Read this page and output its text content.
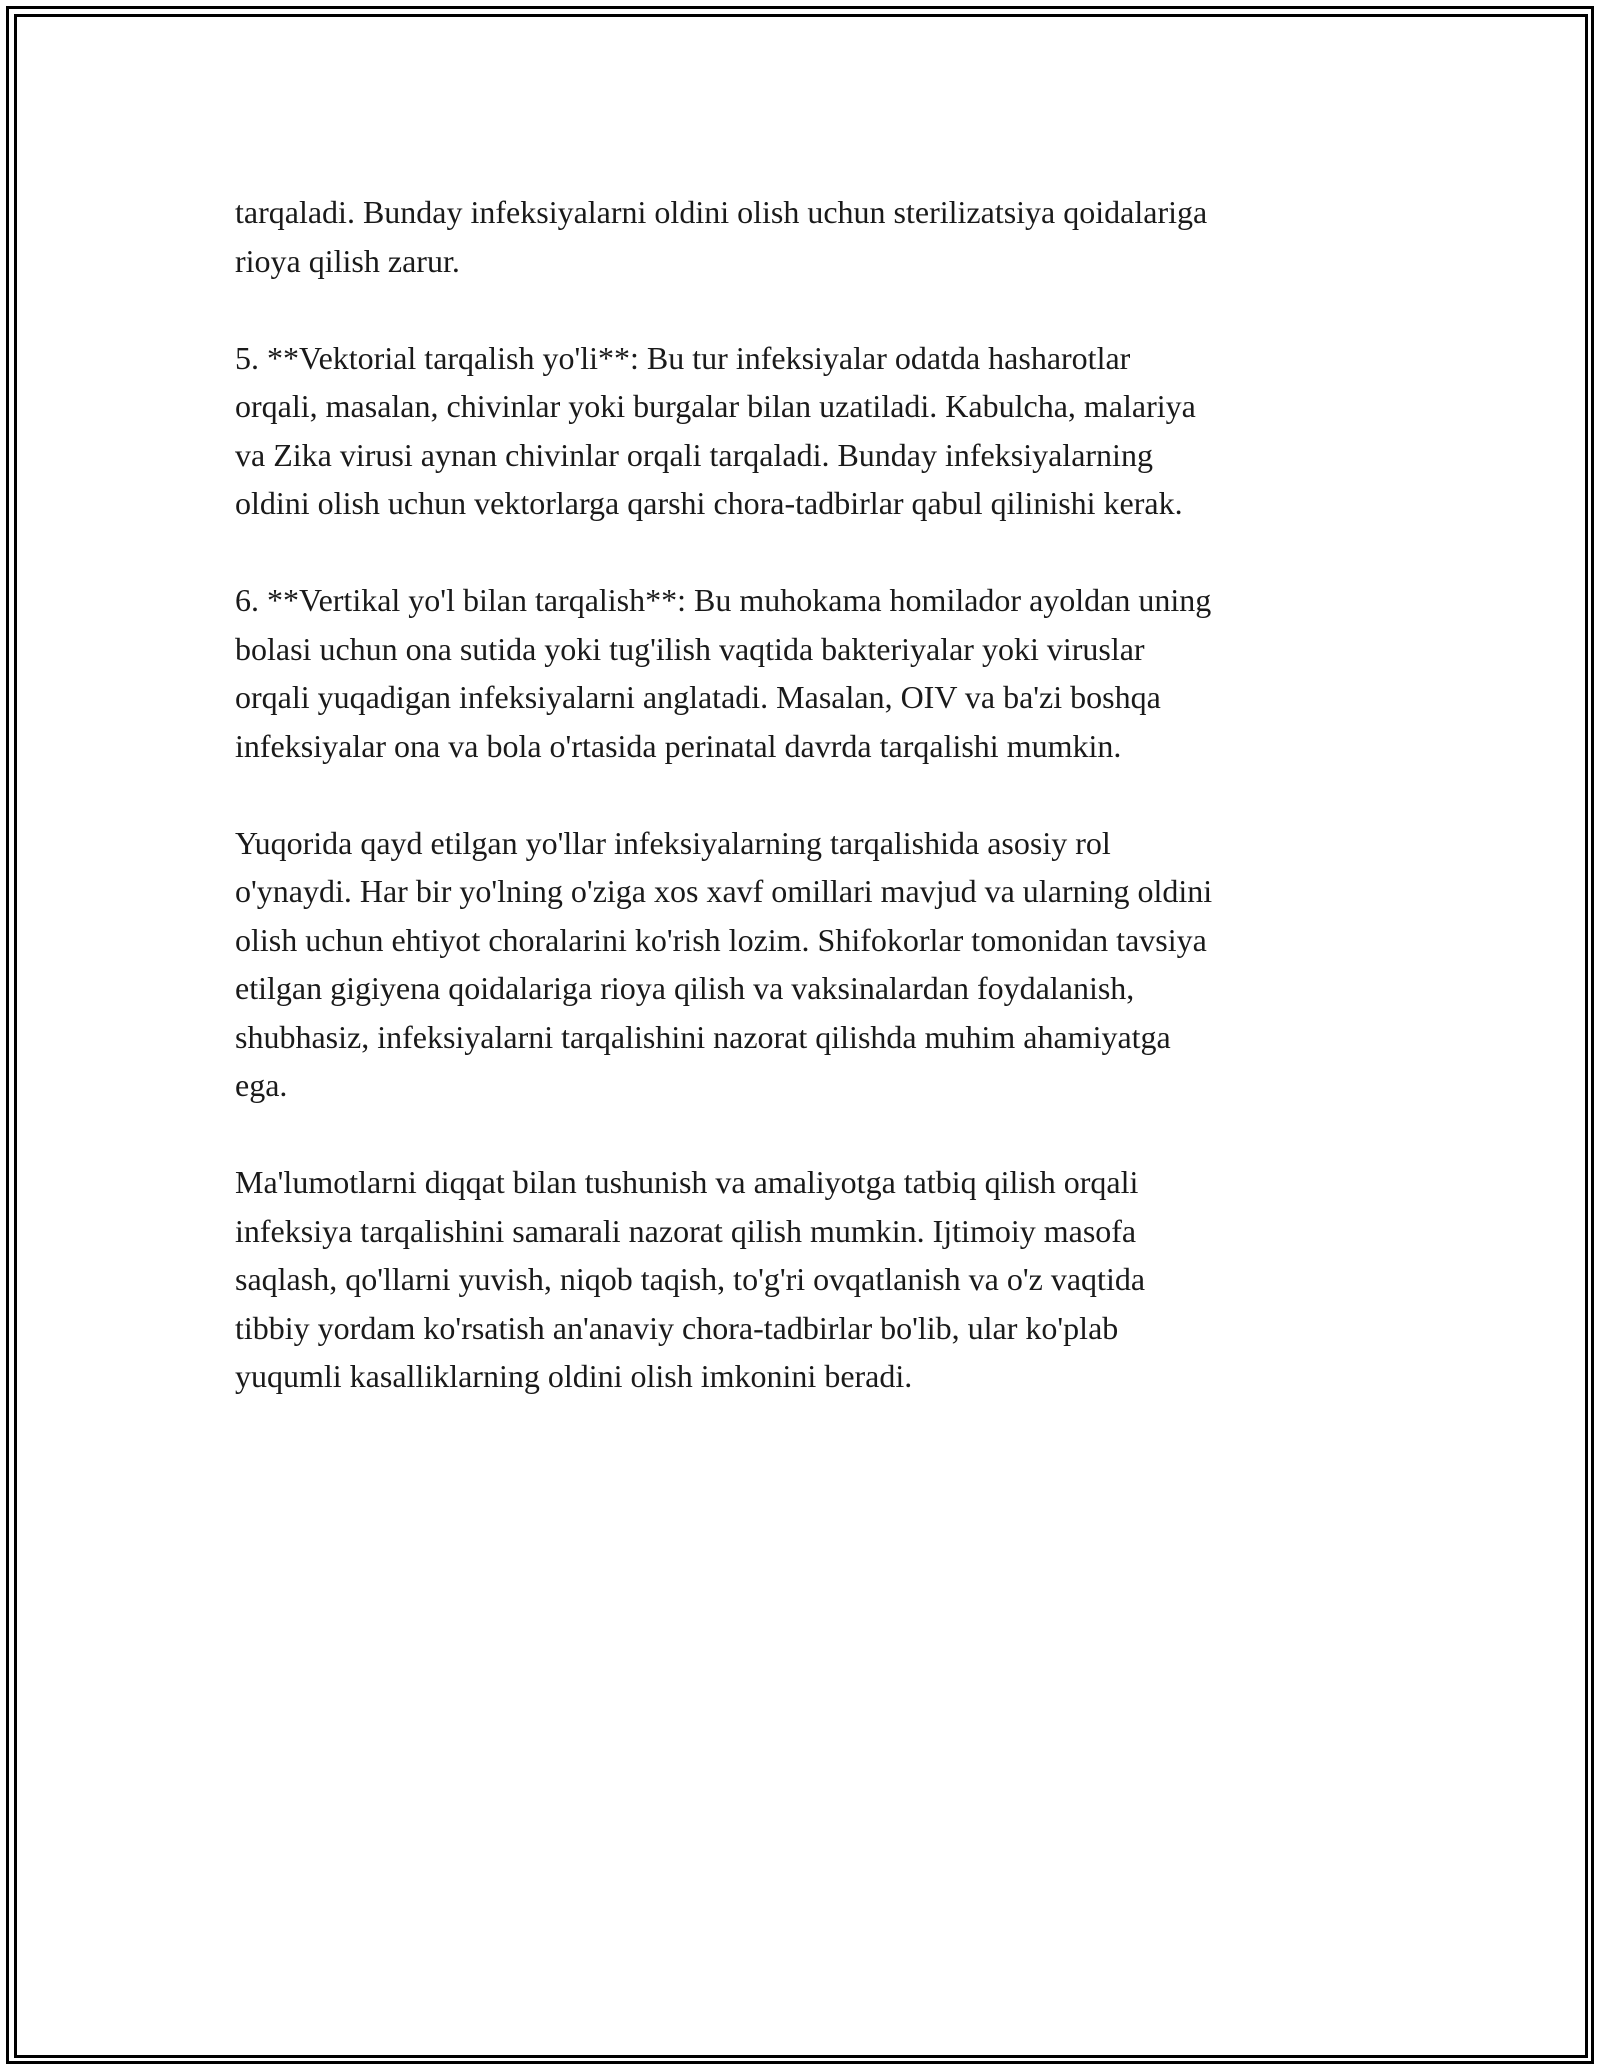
tarqaladi. Bunday infeksiyalarni oldini olish uchun sterilizatsiya qoidalariga
rioya qilish zarur.

5. **Vektorial tarqalish yo'li**: Bu tur infeksiyalar odatda hasharotlar
orqali, masalan, chivinlar yoki burgalar bilan uzatiladi. Kabulcha, malariya
va Zika virusi aynan chivinlar orqali tarqaladi. Bunday infeksiyalarning
oldini olish uchun vektorlarga qarshi chora-tadbirlar qabul qilinishi kerak.

6. **Vertikal yo'l bilan tarqalish**: Bu muhokama homilador ayoldan uning
bolasi uchun ona sutida yoki tug'ilish vaqtida bakteriyalar yoki viruslar
orqali yuqadigan infeksiyalarni anglatadi. Masalan, OIV va ba'zi boshqa
infeksiyalar ona va bola o'rtasida perinatal davrda tarqalishi mumkin.

Yuqorida qayd etilgan yo'llar infeksiyalarning tarqalishida asosiy rol
o'ynaydi. Har bir yo'lning o'ziga xos xavf omillari mavjud va ularning oldini
olish uchun ehtiyot choralarini ko'rish lozim. Shifokorlar tomonidan tavsiya
etilgan gigiyena qoidalariga rioya qilish va vaksinalardan foydalanish,
shubhasiz, infeksiyalarni tarqalishini nazorat qilishda muhim ahamiyatga
ega.

Ma'lumotlarni diqqat bilan tushunish va amaliyotga tatbiq qilish orqali
infeksiya tarqalishini samarali nazorat qilish mumkin. Ijtimoiy masofa
saqlash, qo'llarni yuvish, niqob taqish, to'g'ri ovqatlanish va o'z vaqtida
tibbiy yordam ko'rsatish an'anaviy chora-tadbirlar bo'lib, ular ko'plab
yuqumli kasalliklarning oldini olish imkonini beradi.
